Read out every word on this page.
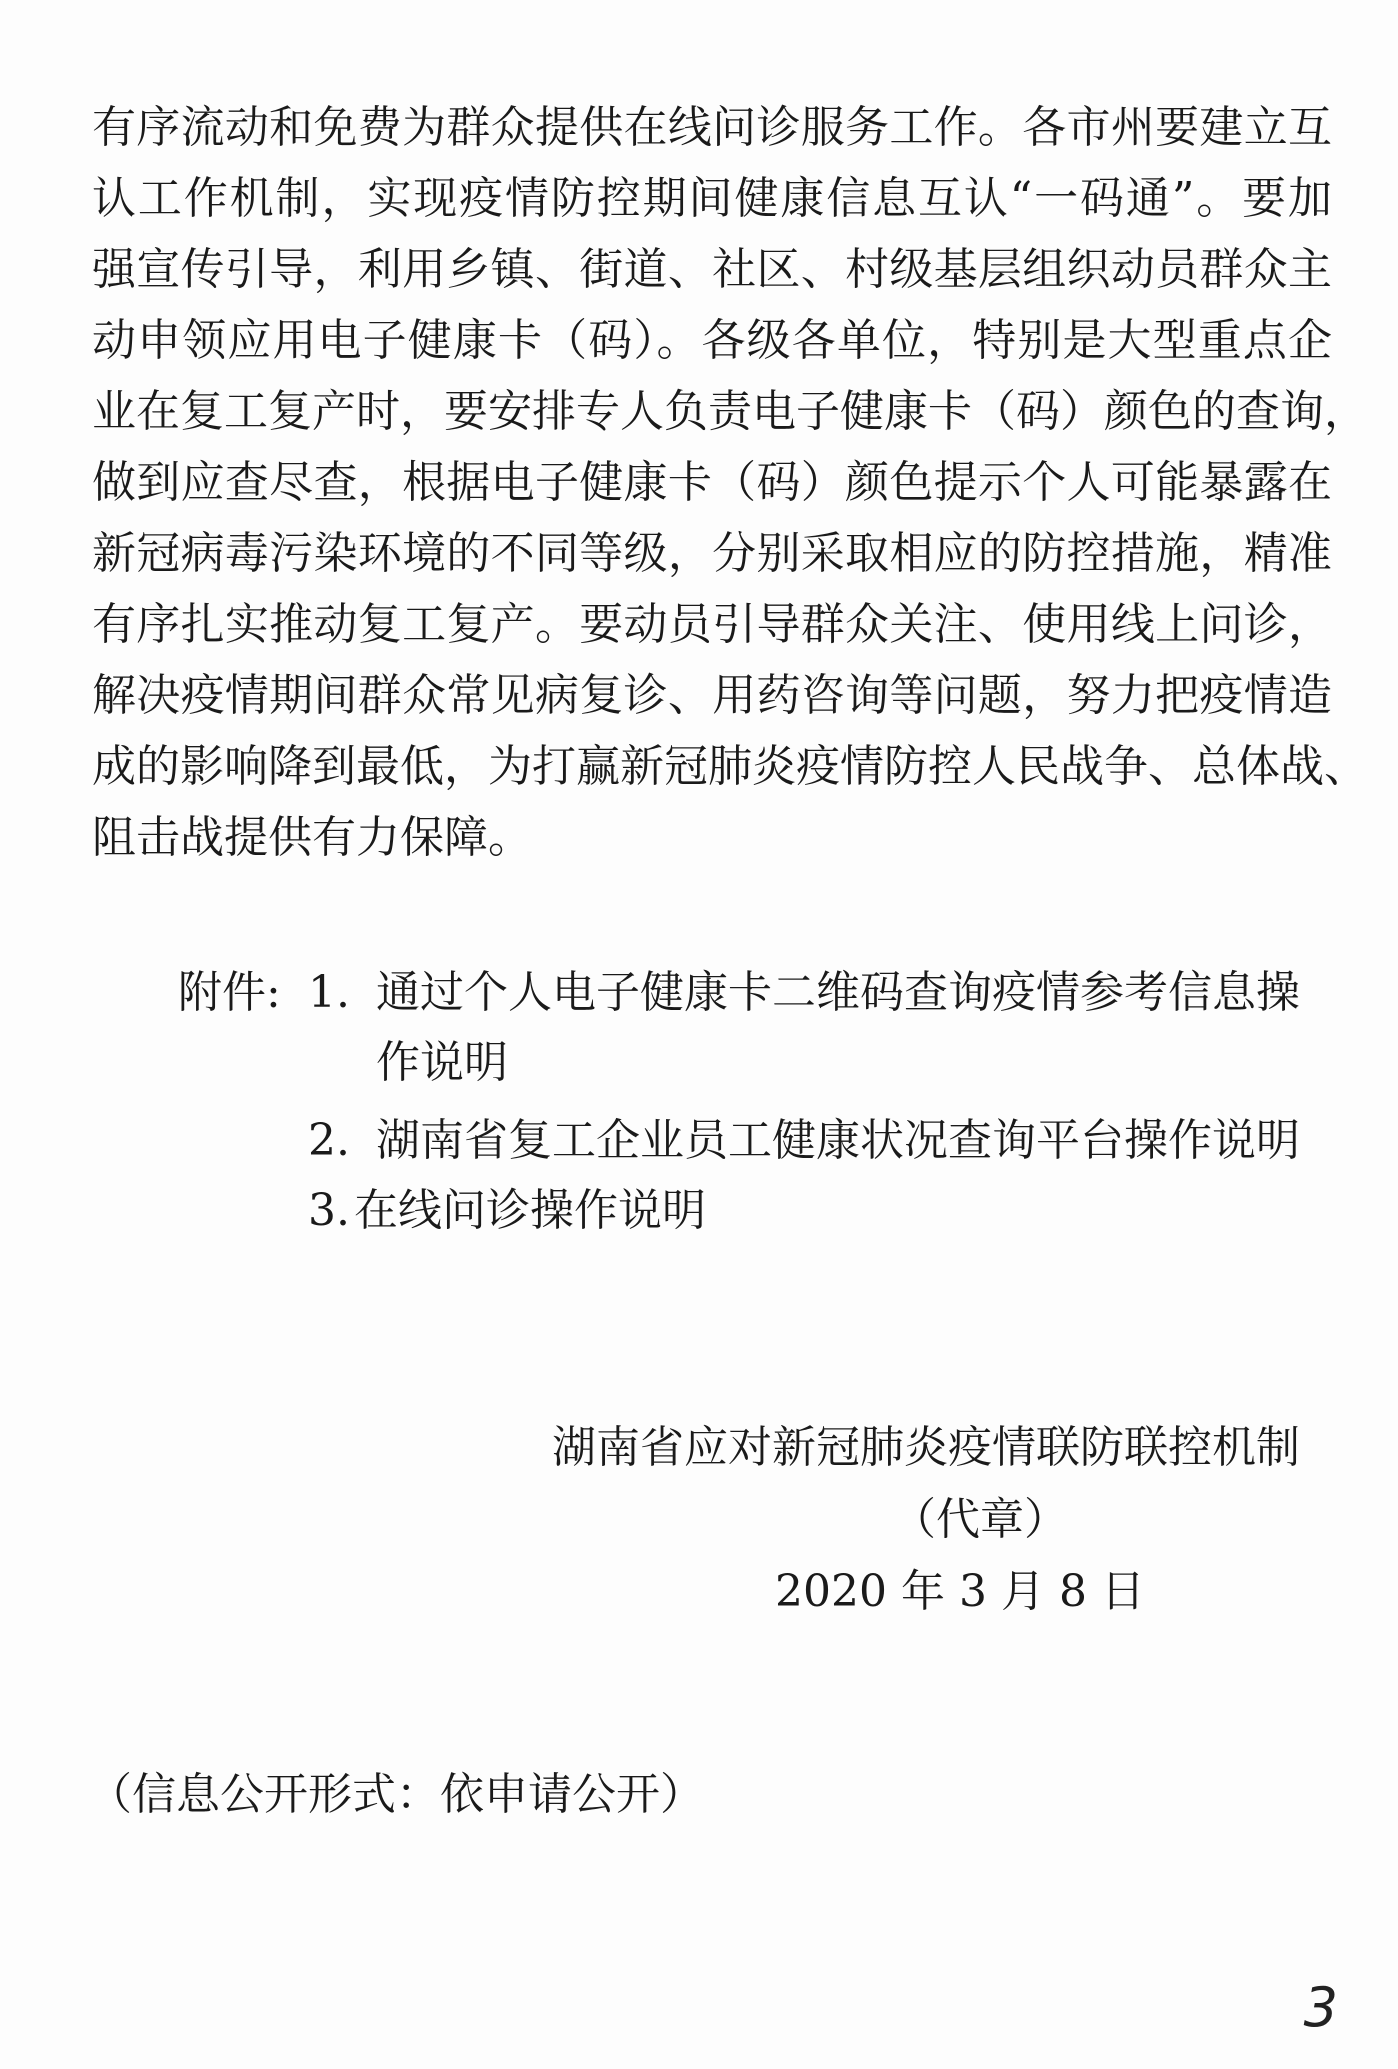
有序流动和免费为群众提供在线问诊服务工作。各市州要建立互
认工作机制，实现疫情防控期间健康信息互认“一码通”。要加
强宣传引导，利用乡镇、街道、社区、村级基层组织动员群众主
动申领应用电子健康卡（码）。各级各单位，特别是大型重点企
业在复工复产时，要安排专人负责电子健康卡（码）颜色的查询，
做到应查尽查，根据电子健康卡（码）颜色提示个人可能暴露在
新冠病毒污染环境的不同等级，分别采取相应的防控措施，精准
有序扎实推动复工复产。要动员引导群众关注、使用线上问诊，
解决疫情期间群众常见病复诊、用药咨询等问题，努力把疫情造
成的影响降到最低，为打赢新冠肺炎疫情防控人民战争、总体战、
阻击战提供有力保障。
附件: 1. 通过个人电子健康卡二维码查询疫情参考信息操
作说明
2. 湖南省复工企业员工健康状况查询平台操作说明
3. 在线问诊操作说明
湖南省应对新冠肺炎疫情联防联控机制
（代章）
2020 年 3 月 8 日
（信息公开形式：依申请公开）
3
